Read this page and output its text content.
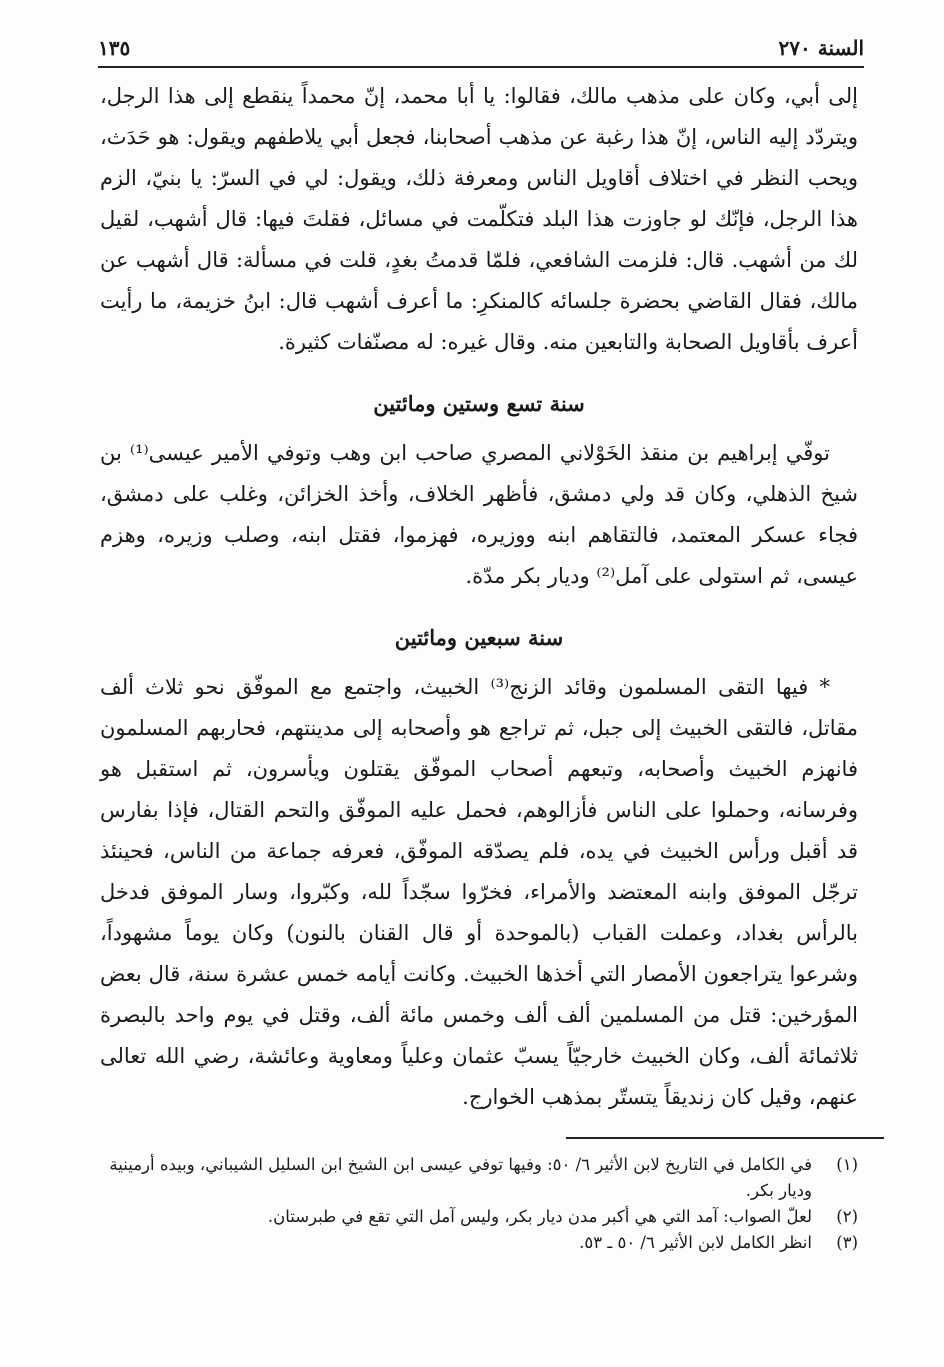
السنة ٢٧٠
١٣٥

إلى أبي، وكان على مذهب مالك، فقالوا: يا أبا محمد، إنّ محمداً ينقطع إلى هذا الرجل، ويتردّد إليه الناس، إنّ هذا رغبة عن مذهب أصحابنا، فجعل أبي يلاطفهم ويقول: هو حَدَث، ويحب النظر في اختلاف أقاويل الناس ومعرفة ذلك، ويقول: لي في السرّ: يا بنيّ، الزم هذا الرجل، فإنّك لو جاوزت هذا البلد فتكلّمت في مسائل، فقلتَ فيها: قال أشهب، لقيل لك من أشهب. قال: فلزمت الشافعي، فلمّا قدمتُ بغدٍ، قلت في مسألة: قال أشهب عن مالك، فقال القاضي بحضرة جلسائه كالمنكرِ: ما أعرف أشهب قال: ابنُ خزيمة، ما رأيت أعرف بأقاويل الصحابة والتابعين منه. وقال غيره: له مصنّفات كثيرة.

سنة تسع وستين ومائتين

توفّي إبراهيم بن منقذ الخَوْلاني المصري صاحب ابن وهب وتوفي الأمير عيسى⁽¹⁾ بن شيخ الذهلي، وكان قد ولي دمشق، فأظهر الخلاف، وأخذ الخزائن، وغلب على دمشق، فجاء عسكر المعتمد، فالتقاهم ابنه ووزيره، فهزموا، فقتل ابنه، وصلب وزيره، وهزم عيسى، ثم استولى على آمل⁽²⁾ وديار بكر مدّة.

سنة سبعين ومائتين

* فيها التقى المسلمون وقائد الزنج⁽³⁾ الخبيث، واجتمع مع الموفّق نحو ثلاث ألف مقاتل، فالتقى الخبيث إلى جبل، ثم تراجع هو وأصحابه إلى مدينتهم، فحاربهم المسلمون فانهزم الخبيث وأصحابه، وتبعهم أصحاب الموفّق يقتلون ويأسرون، ثم استقبل هو وفرسانه، وحملوا على الناس فأزالوهم، فحمل عليه الموفّق والتحم القتال، فإذا بفارس قد أقبل ورأس الخبيث في يده، فلم يصدّقه الموفّق، فعرفه جماعة من الناس، فحينئذ ترجّل الموفق وابنه المعتضد والأمراء، فخرّوا سجّداً لله، وكبّروا، وسار الموفق فدخل بالرأس بغداد، وعملت القباب (بالموحدة أو قال القنان بالنون) وكان يوماً مشهوداً، وشرعوا يتراجعون الأمصار التي أخذها الخبيث. وكانت أيامه خمس عشرة سنة، قال بعض المؤرخين: قتل من المسلمين ألف ألف وخمس مائة ألف، وقتل في يوم واحد بالبصرة ثلاثمائة ألف، وكان الخبيث خارجيّاً يسبّ عثمان وعلياً ومعاوية وعائشة، رضي الله تعالى عنهم، وقيل كان زنديقاً يتستّر بمذهب الخوارج.

(١)
في الكامل في التاريخ لابن الأثير ٦/ ٥٠: وفيها توفي عيسى ابن الشيخ ابن السليل الشيباني، وبيده أرمينية وديار بكر.
(٢)
لعلّ الصواب: آمد التي هي أكبر مدن ديار بكر، وليس آمل التي تقع في طبرستان.
(٣)
انظر الكامل لابن الأثير ٦/ ٥٠ ـ ٥٣.
